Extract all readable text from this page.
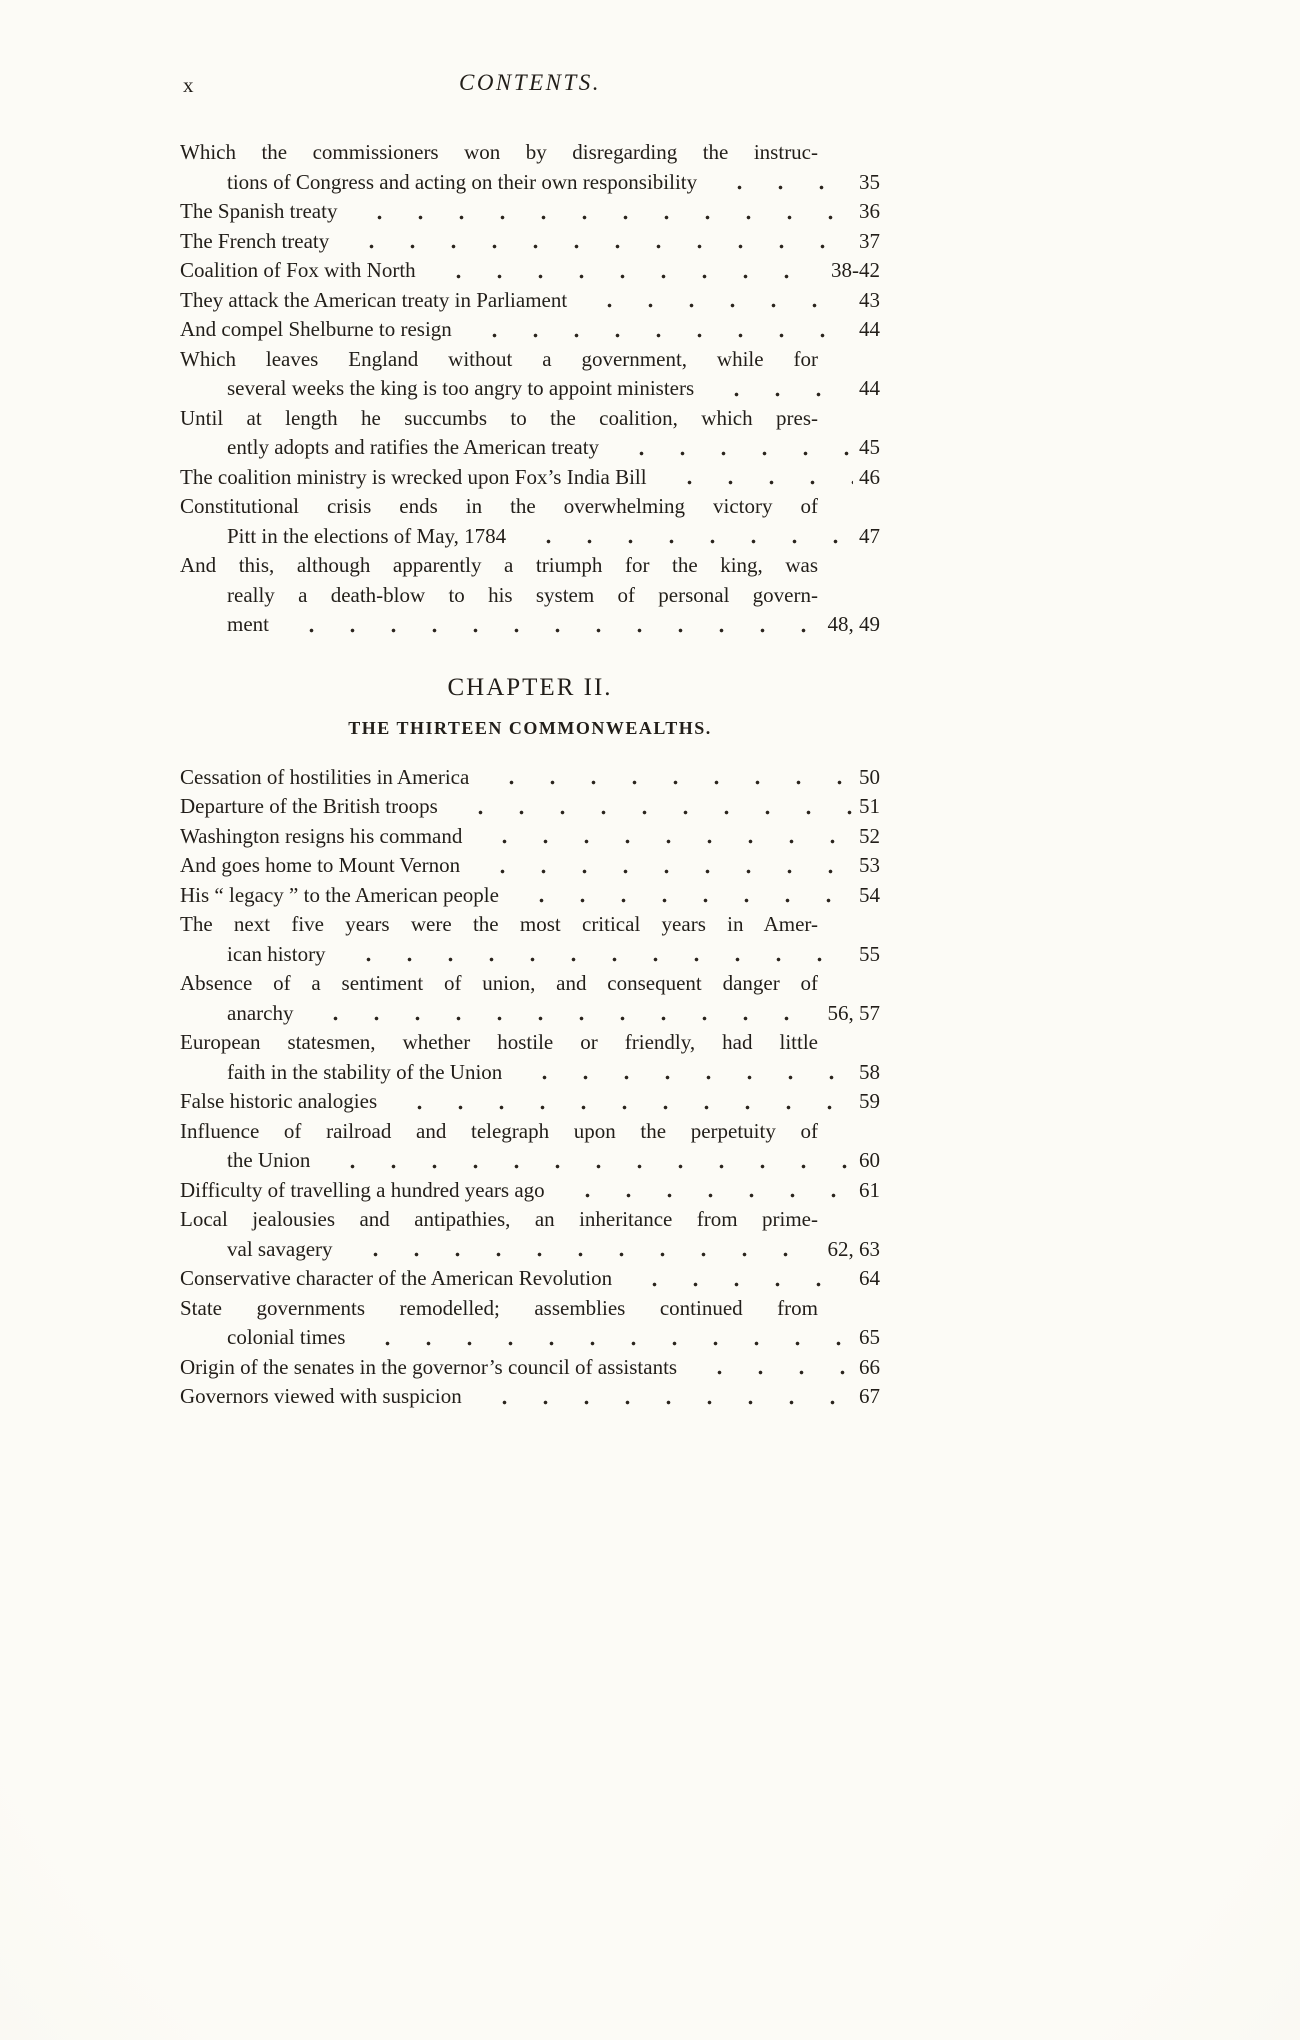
x	CONTENTS.
Which the commissioners won by disregarding the instruc-
tions of Congress and acting on their own responsibility	35
The Spanish treaty	36
The French treaty	37
Coalition of Fox with North	38-42
They attack the American treaty in Parliament	43
And compel Shelburne to resign	44
Which leaves England without a government, while for
several weeks the king is too angry to appoint ministers	44
Until at length he succumbs to the coalition, which pres-
ently adopts and ratifies the American treaty	45
The coalition ministry is wrecked upon Fox’s India Bill	46
Constitutional crisis ends in the overwhelming victory of
Pitt in the elections of May, 1784	47
And this, although apparently a triumph for the king, was
really a death-blow to his system of personal govern-
ment	48, 49
CHAPTER II.
THE THIRTEEN COMMONWEALTHS.
Cessation of hostilities in America	50
Departure of the British troops	51
Washington resigns his command	52
And goes home to Mount Vernon	53
His “ legacy ” to the American people	54
The next five years were the most critical years in Amer-
ican history	55
Absence of a sentiment of union, and consequent danger of
anarchy	56, 57
European statesmen, whether hostile or friendly, had little
faith in the stability of the Union	58
False historic analogies	59
Influence of railroad and telegraph upon the perpetuity of
the Union	60
Difficulty of travelling a hundred years ago	61
Local jealousies and antipathies, an inheritance from prime-
val savagery	62, 63
Conservative character of the American Revolution	64
State governments remodelled; assemblies continued from
colonial times	65
Origin of the senates in the governor’s council of assistants	66
Governors viewed with suspicion	67
